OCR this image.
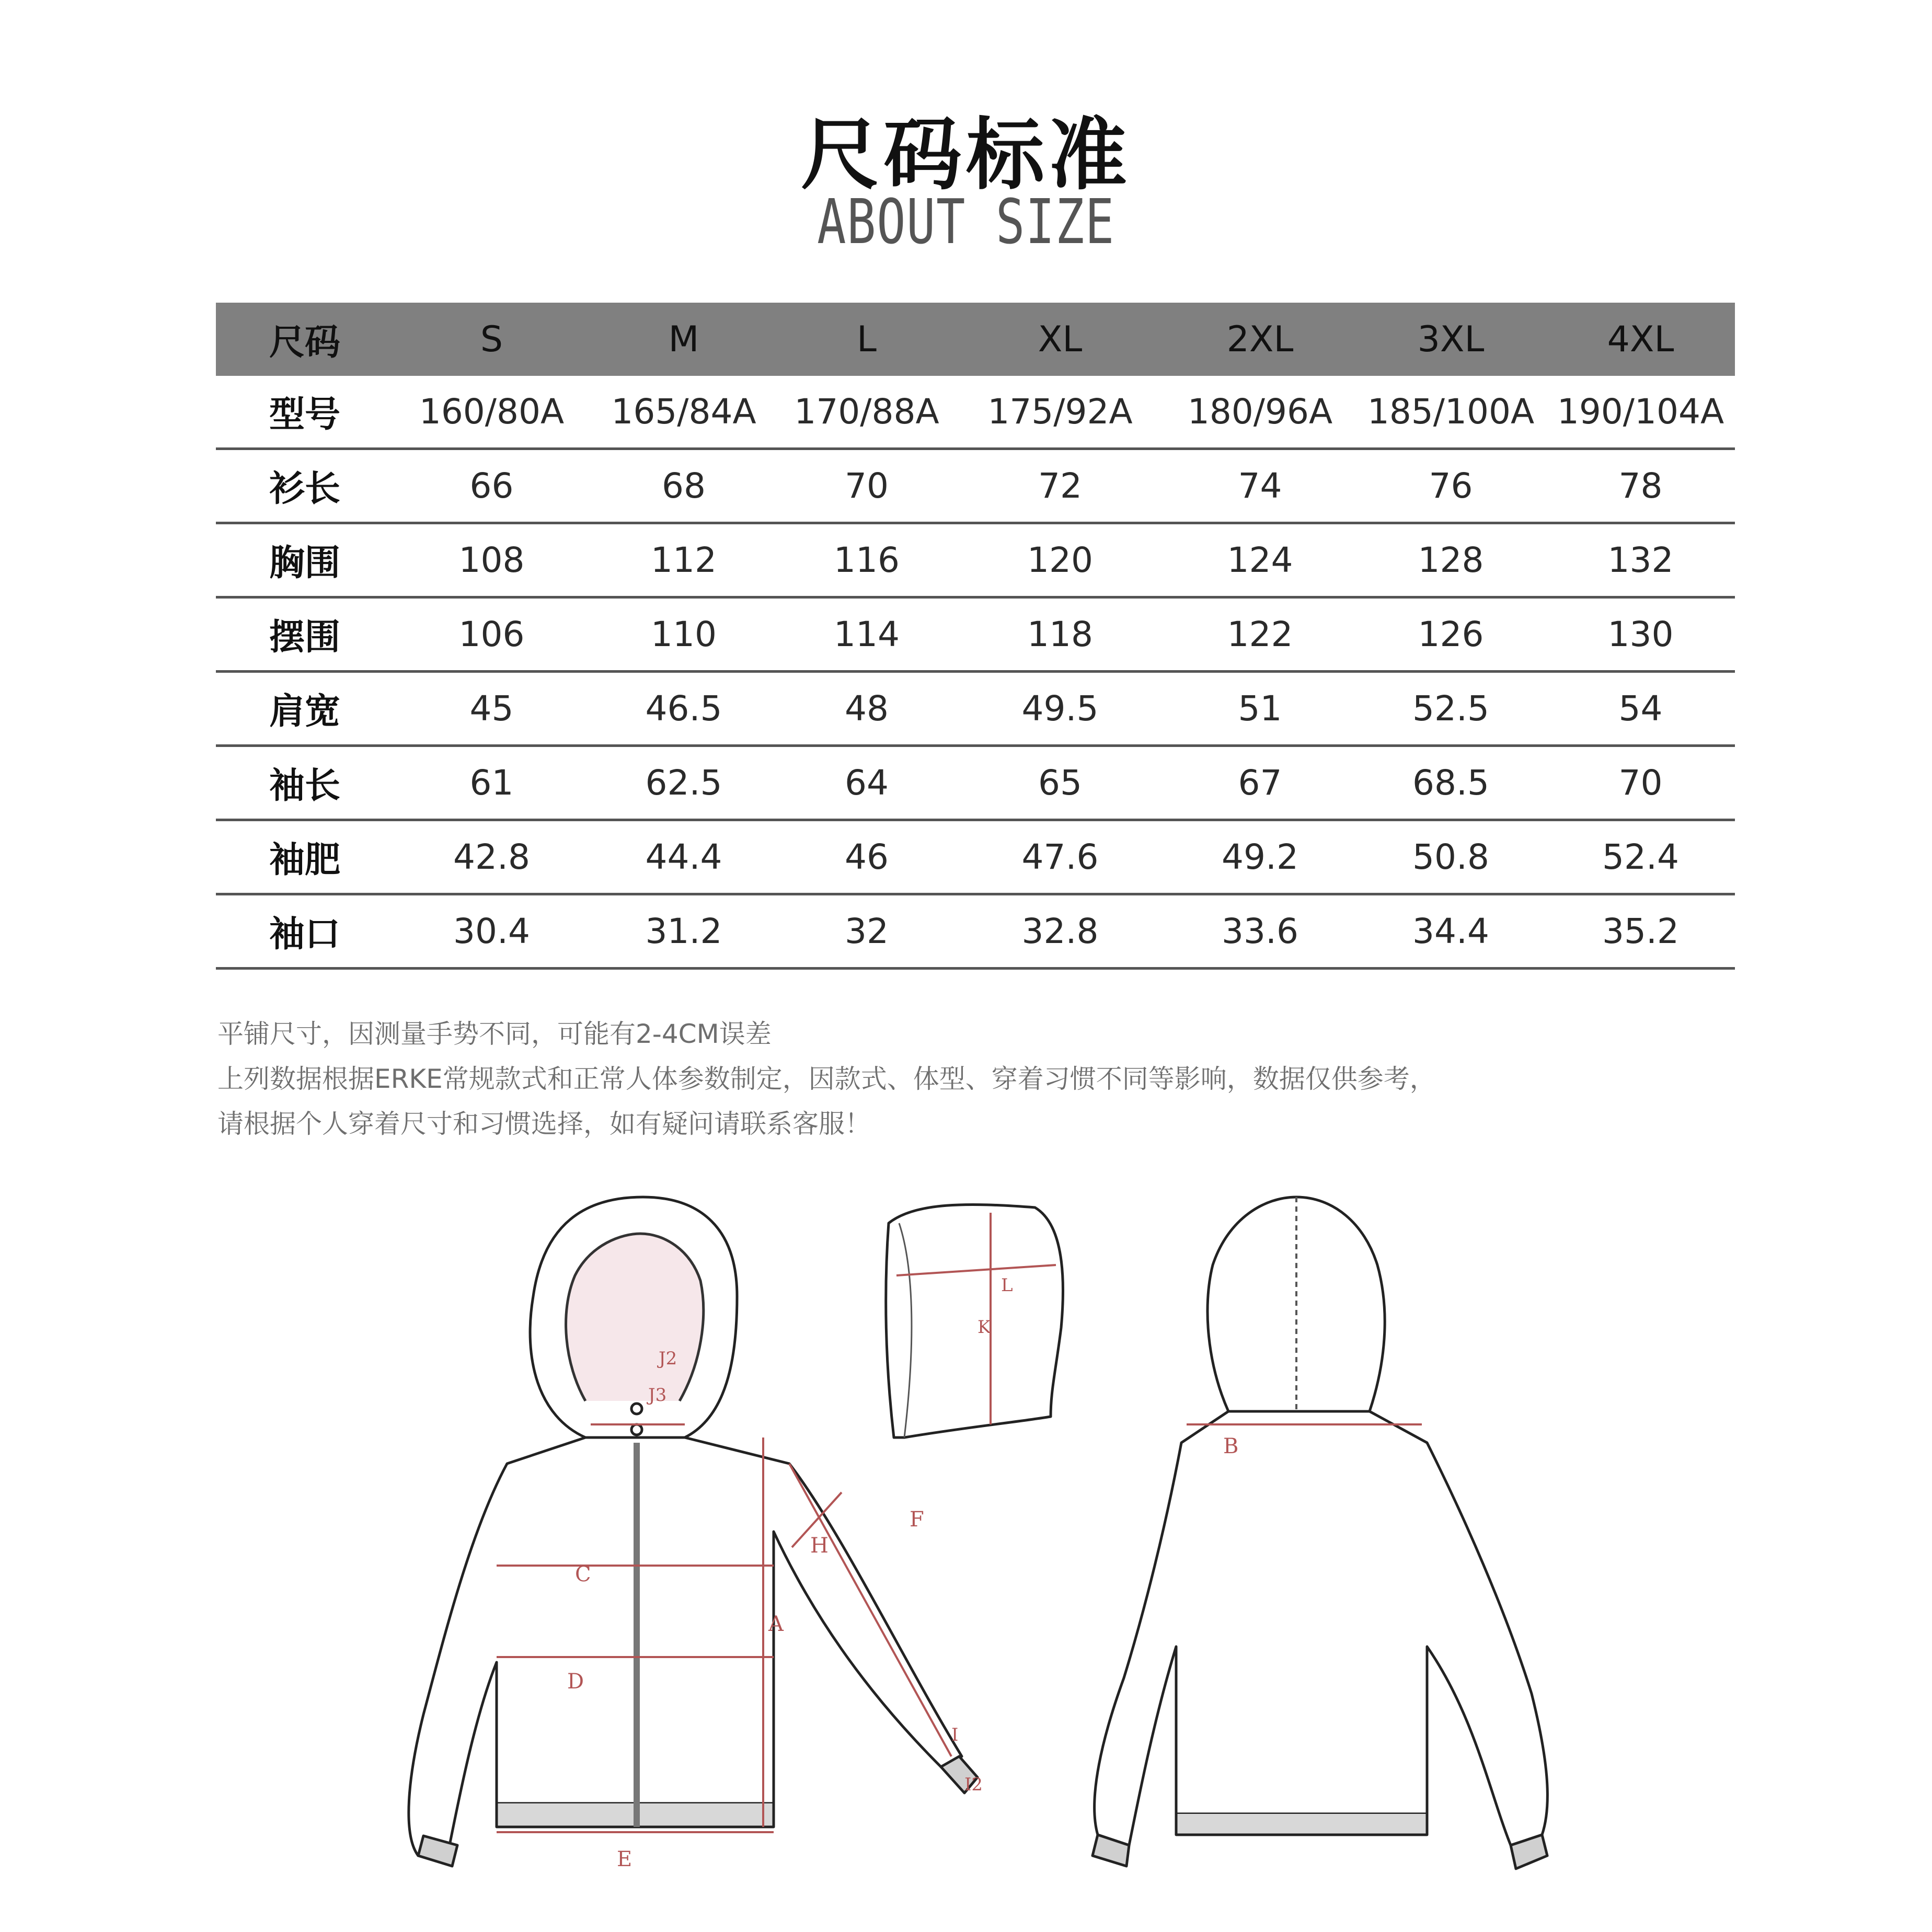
尺码标准
ABOUT SIZE
尺码	S	M	L	XL	2XL	3XL	4XL
型号	160/80A	165/84A	170/88A	175/92A	180/96A	185/100A 190/104A
衫长	66	68	70	72	74	76	78
胸围	108	112	116	120	124	128	132
摆围	106	110	114	118	122	126	130
肩宽	45	46.5	48	49.5	51	52.5	54
袖长	61	62.5	64	65	67	68.5	70
袖肥	42.8	44.4	46	47.6	49.2	50.8	52.4
袖口	30.4	31.2	32	32.8	33.6	34.4	35.2
平铺尺寸，因测量手势不同，可能有2-4CM误差
上列数据根据ERKE常规款式和正常人体参数制定，因款式、体型、穿着习惯不同等影响，数据仅供参考，
请根据个人穿着尺寸和习惯选择，如有疑问请联系客服！
A
B
C
D
E
F
H
I
I2
J2
J3
K
L
